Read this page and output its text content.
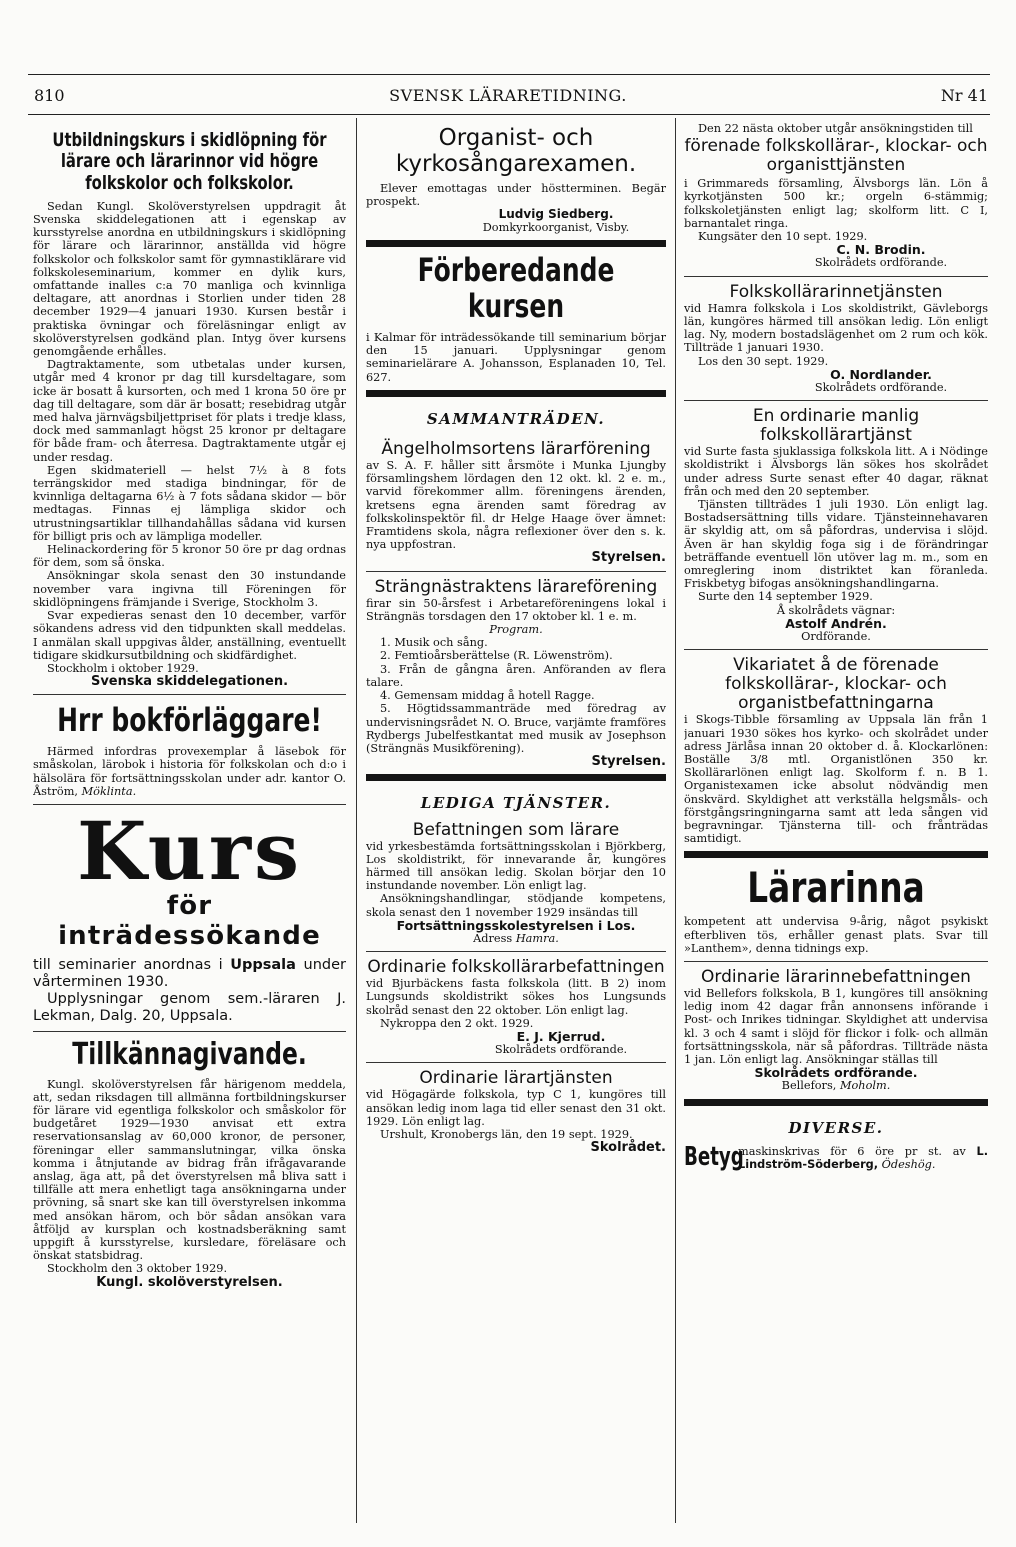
810	SVENSK LÄRARETIDNING.	Nr 41
Utbildningskurs i skidlöpning för lärare och lärarinnor vid högre folkskolor och folkskolor.

Sedan Kungl. Skolöverstyrelsen uppdragit åt Svenska skiddelegationen att i egenskap av kursstyrelse anordna en utbildningskurs i skidlöpning för lärare och lärarinnor, anställda vid högre folkskolor och folkskolor samt för gymnastiklärare vid folkskoleseminarium, kommer en dylik kurs, omfattande inalles c:a 70 manliga och kvinnliga deltagare, att anordnas i Storlien under tiden 28 december 1929—4 januari 1930. Kursen består i praktiska övningar och föreläsningar enligt av skolöverstyrelsen godkänd plan. Intyg över kursens genomgående erhålles.

Dagtraktamente, som utbetalas under kursen, utgår med 4 kronor pr dag till kursdeltagare, som icke är bosatt å kursorten, och med 1 krona 50 öre pr dag till deltagare, som där är bosatt; resebidrag utgår med halva järnvägsbiljettpriset för plats i tredje klass, dock med sammanlagt högst 25 kronor pr deltagare för både fram- och återresa. Dagtraktamente utgår ej under resdag.

Egen skidmateriell — helst 7½ à 8 fots terrängskidor med stadiga bindningar, för de kvinnliga deltagarna 6½ à 7 fots sådana skidor — bör medtagas. Finnas ej lämpliga skidor och utrustningsartiklar tillhandahållas sådana vid kursen för billigt pris och av lämpliga modeller.

Helinackordering för 5 kronor 50 öre pr dag ordnas för dem, som så önska.

Ansökningar skola senast den 30 instundande november vara ingivna till Föreningen för skidlöpningens främjande i Sverige, Stockholm 3.

Svar expedieras senast den 10 december, varför sökandens adress vid den tidpunkten skall meddelas. I anmälan skall uppgivas ålder, anställning, eventuellt tidigare skidkursutbildning och skidfärdighet.

Stockholm i oktober 1929.

Svenska skiddelegationen.
Hrr bokförläggare!

Härmed infordras provexemplar å läsebok för småskolan, lärobok i historia för folkskolan och d:o i hälsolära för fortsättningsskolan under adr. kantor O. Åström, Möklinta.

Kurs
för inträdessökande
till seminarier anordnas i Uppsala under vårterminen 1930.
Upplysningar genom sem.-läraren J. Lekman, Dalg. 20, Uppsala.
Tillkännagivande.

Kungl. skolöverstyrelsen får härigenom meddela, att, sedan riksdagen till allmänna fortbildningskurser för lärare vid egentliga folkskolor och småskolor för budgetåret 1929—1930 anvisat ett extra reservationsanslag av 60,000 kronor, de personer, föreningar eller sammanslutningar, vilka önska komma i åtnjutande av bidrag från ifrågavarande anslag, äga att, på det överstyrelsen må bliva satt i tillfälle att mera enhetligt taga ansökningarna under prövning, så snart ske kan till överstyrelsen inkomma med ansökan härom, och bör sådan ansökan vara åtföljd av kursplan och kostnadsberäkning samt uppgift å kursstyrelse, kursledare, föreläsare och önskat statsbidrag.

Stockholm den 3 oktober 1929.

Kungl. skolöverstyrelsen.
Organist- och kyrkosångarexamen.

Elever emottagas under höstterminen. Begär prospekt.

Ludvig Siedberg.
Domkyrkoorganist, Visby.
Förberedande kursen

i Kalmar för inträdessökande till seminarium börjar den 15 januari. Upplysningar genom seminarielärare A. Johansson, Esplanaden 10, Tel. 627.

SAMMANTRÄDEN.
Ängelholmsortens lärarförening

av S. A. F. håller sitt årsmöte i Munka Ljungby församlingshem lördagen den 12 okt. kl. 2 e. m., varvid förekommer allm. föreningens ärenden, kretsens egna ärenden samt föredrag av folkskolinspektör fil. dr Helge Haage över ämnet: Framtidens skola, några reflexioner över den s. k. nya uppfostran.

Styrelsen.
Strängnästraktens lärareförening

firar sin 50-årsfest i Arbetareföreningens lokal i Strängnäs torsdagen den 17 oktober kl. 1 e. m.

Program.

1. Musik och sång.

2. Femtioårsberättelse (R. Löwenström).

3. Från de gångna åren. Anföranden av flera talare.

4. Gemensam middag å hotell Ragge.

5. Högtidssammanträde med föredrag av undervisningsrådet N. O. Bruce, varjämte framföres Rydbergs Jubelfestkantat med musik av Josephson (Strängnäs Musikförening).

Styrelsen.
LEDIGA TJÄNSTER.
Befattningen som lärare

vid yrkesbestämda fortsättningsskolan i Björkberg, Los skoldistrikt, för innevarande år, kungöres härmed till ansökan ledig. Skolan börjar den 10 instundande november. Lön enligt lag.

Ansökningshandlingar, stödjande kompetens, skola senast den 1 november 1929 insändas till

Fortsättningsskolestyrelsen i Los.
Adress Hamra.
Ordinarie folkskollärarbefattningen

vid Bjurbäckens fasta folkskola (litt. B 2) inom Lungsunds skoldistrikt sökes hos Lungsunds skolråd senast den 22 oktober. Lön enligt lag.

Nykroppa den 2 okt. 1929.

E. J. Kjerrud.
Skolrådets ordförande.
Ordinarie lärartjänsten

vid Högagärde folkskola, typ C 1, kungöres till ansökan ledig inom laga tid eller senast den 31 okt. 1929. Lön enligt lag.

Urshult, Kronobergs län, den 19 sept. 1929.

Skolrådet.

Den 22 nästa oktober utgår ansökningstiden till

förenade folkskollärar-, klockar- och organisttjänsten

i Grimmareds församling, Älvsborgs län. Lön å kyrkotjänsten 500 kr.; orgeln 6-stämmig; folkskoletjänsten enligt lag; skolform litt. C I, barnantalet ringa.

Kungsäter den 10 sept. 1929.

C. N. Brodin.
Skolrådets ordförande.
Folkskollärarinnetjänsten

vid Hamra folkskola i Los skoldistrikt, Gävleborgs län, kungöres härmed till ansökan ledig. Lön enligt lag. Ny, modern bostadslägenhet om 2 rum och kök. Tillträde 1 januari 1930.

Los den 30 sept. 1929.

O. Nordlander.
Skolrådets ordförande.
En ordinarie manlig folkskollärartjänst

vid Surte fasta sjuklassiga folkskola litt. A i Nödinge skoldistrikt i Älvsborgs län sökes hos skolrådet under adress Surte senast efter 40 dagar, räknat från och med den 20 september.

Tjänsten tillträdes 1 juli 1930. Lön enligt lag. Bostadsersättning tills vidare. Tjänsteinnehavaren är skyldig att, om så påfordras, undervisa i slöjd. Även är han skyldig foga sig i de förändringar beträffande eventuell lön utöver lag m. m., som en omreglering inom distriktet kan föranleda. Friskbetyg bifogas ansökningshandlingarna.

Surte den 14 september 1929.

Å skolrådets vägnar:
Astolf Andrén.
Ordförande.
Vikariatet å de förenade folkskollärar-, klockar- och organistbefattningarna

i Skogs-Tibble församling av Uppsala län från 1 januari 1930 sökes hos kyrko- och skolrådet under adress Järlåsa innan 20 oktober d. å. Klockarlönen: Boställe 3/8 mtl. Organistlönen 350 kr. Skollärarlönen enligt lag. Skolform f. n. B 1. Organistexamen icke absolut nödvändig men önskvärd. Skyldighet att verkställa helgsmåls- och förstgångsringningarna samt att leda sången vid begravningar. Tjänsterna till- och frånträdas samtidigt.

Lärarinna

kompetent att undervisa 9-årig, något psykiskt efterbliven tös, erhåller genast plats. Svar till »Lanthem», denna tidnings exp.

Ordinarie lärarinnebefattningen

vid Bellefors folkskola, B 1, kungöres till ansökning ledig inom 42 dagar från annonsens införande i Post- och Inrikes tidningar. Skyldighet att undervisa kl. 3 och 4 samt i slöjd för flickor i folk- och allmän fortsättningsskola, när så påfordras. Tillträde nästa 1 jan. Lön enligt lag. Ansökningar ställas till

Skolrådets ordförande.
Bellefors, Moholm.
DIVERSE.
Betyg
maskinskrivas för 6 öre pr st. av L. Lindström-Söderberg, Ödeshög.
